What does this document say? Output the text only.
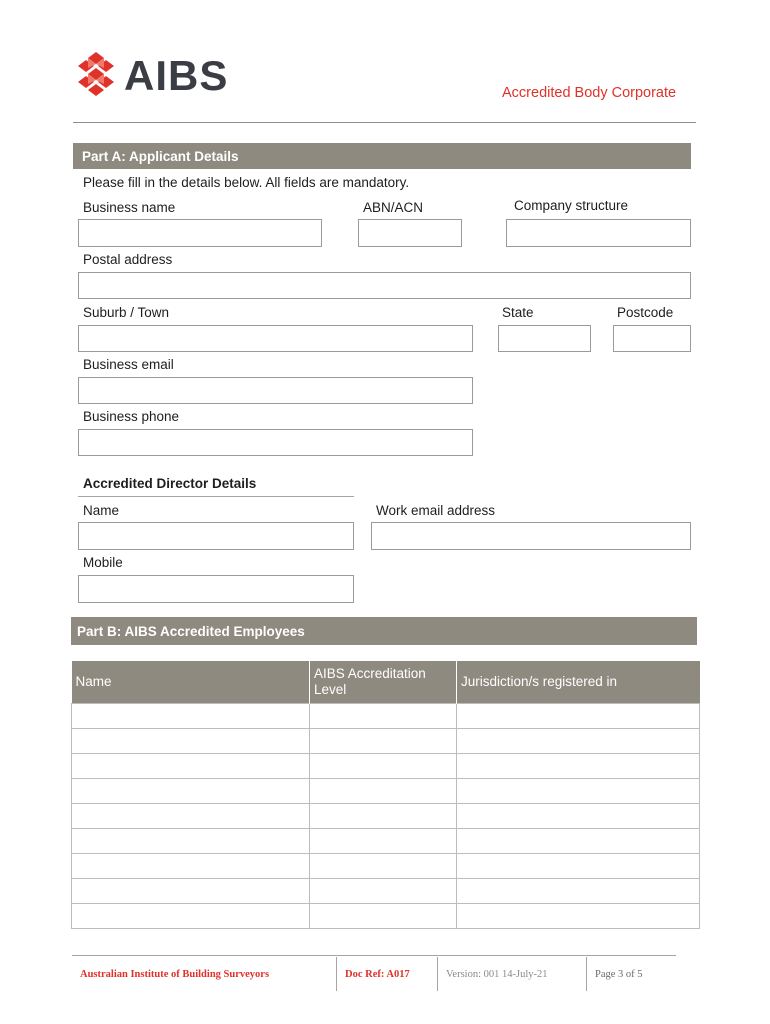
AIBS	Accredited Body Corporate
Part A: Applicant Details
Please fill in the details below. All fields are mandatory.
Business name	ABN/ACN	Company structure
Postal address
Suburb / Town	State	Postcode
Business email
Business phone
Accredited Director Details
Name	Work email address
Mobile
Part B: AIBS Accredited Employees
Name	AIBS Accreditation Level	Jurisdiction/s registered in

Australian Institute of Building Surveyors	Doc Ref: A017	Version: 001 14-July-21	Page 3 of 5
